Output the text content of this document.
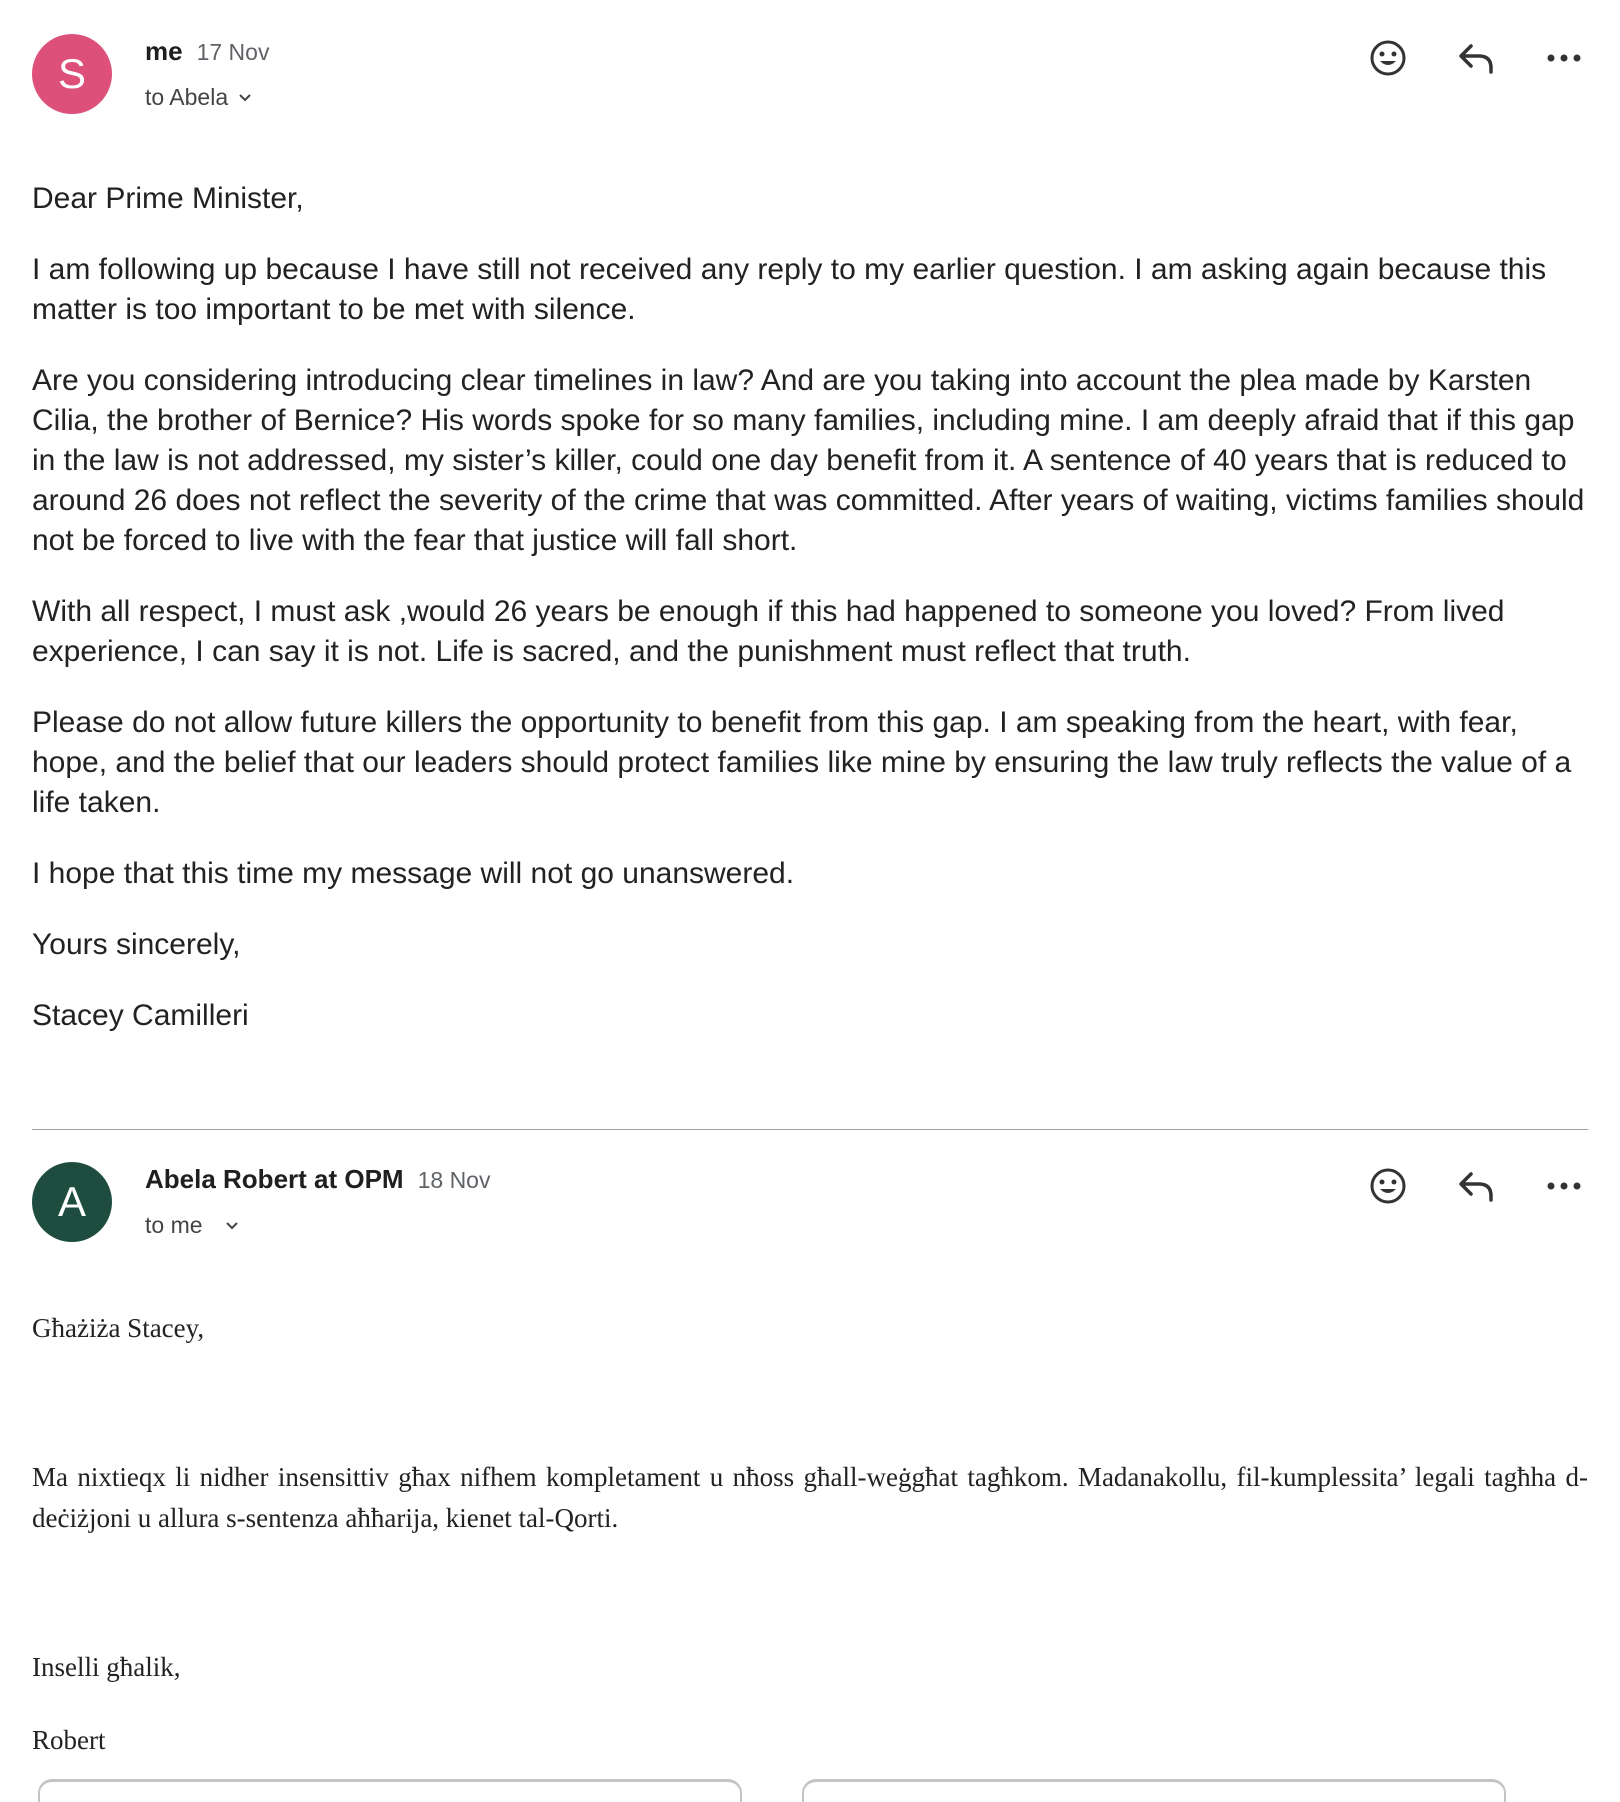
S me 17 Nov
to Abela

Dear Prime Minister,

I am following up because I have still not received any reply to my earlier question. I am asking again because this matter is too important to be met with silence.

Are you considering introducing clear timelines in law? And are you taking into account the plea made by Karsten Cilia, the brother of Bernice? His words spoke for so many families, including mine. I am deeply afraid that if this gap in the law is not addressed, my sister’s killer, could one day benefit from it. A sentence of 40 years that is reduced to around 26 does not reflect the severity of the crime that was committed. After years of waiting, victims families should not be forced to live with the fear that justice will fall short.

With all respect, I must ask ,would 26 years be enough if this had happened to someone you loved? From lived experience, I can say it is not. Life is sacred, and the punishment must reflect that truth.

Please do not allow future killers the opportunity to benefit from this gap. I am speaking from the heart, with fear, hope, and the belief that our leaders should protect families like mine by ensuring the law truly reflects the value of a life taken.

I hope that this time my message will not go unanswered.

Yours sincerely,

Stacey Camilleri

A Abela Robert at OPM 18 Nov
to me

Għażiża Stacey,

Ma nixtieqx li nidher insensittiv għax nifhem kompletament u nħoss għall-weġgħat tagħkom. Madanakollu, fil-kumplessita’ legali tagħha d-deċiżjoni u allura s-sentenza aħħarija, kienet tal-Qorti.

Inselli għalik,

Robert
